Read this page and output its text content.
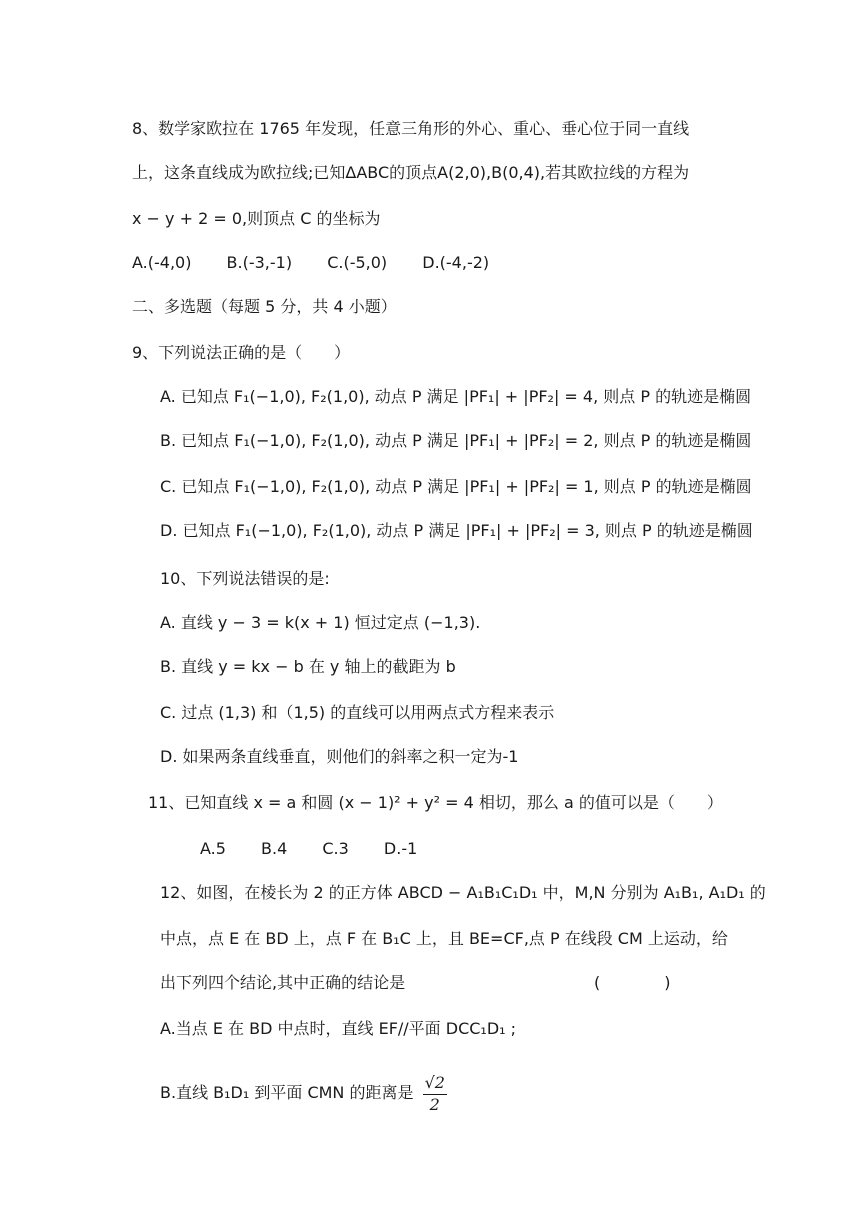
8、数学家欧拉在 1765 年发现，任意三角形的外心、重心、垂心位于同一直线
上，这条直线成为欧拉线;已知ΔABC的顶点A(2,0),B(0,4),若其欧拉线的方程为
x − y + 2 = 0,则顶点 C 的坐标为
A.(-4,0) B.(-3,-1) C.(-5,0) D.(-4,-2)
二、多选题（每题 5 分，共 4 小题）
9、下列说法正确的是（　　）
A. 已知点 F₁(−1,0), F₂(1,0), 动点 P 满足 |PF₁| + |PF₂| = 4, 则点 P 的轨迹是椭圆
B. 已知点 F₁(−1,0), F₂(1,0), 动点 P 满足 |PF₁| + |PF₂| = 2, 则点 P 的轨迹是椭圆
C. 已知点 F₁(−1,0), F₂(1,0), 动点 P 满足 |PF₁| + |PF₂| = 1, 则点 P 的轨迹是椭圆
D. 已知点 F₁(−1,0), F₂(1,0), 动点 P 满足 |PF₁| + |PF₂| = 3, 则点 P 的轨迹是椭圆
10、下列说法错误的是:
A. 直线 y − 3 = k(x + 1) 恒过定点 (−1,3).
B. 直线 y = kx − b 在 y 轴上的截距为 b
C. 过点 (1,3) 和（1,5) 的直线可以用两点式方程来表示
D. 如果两条直线垂直，则他们的斜率之积一定为-1
11、已知直线 x = a 和圆 (x − 1)² + y² = 4 相切，那么 a 的值可以是（　　）
A.5 B.4 C.3 D.-1
12、如图，在棱长为 2 的正方体 ABCD − A₁B₁C₁D₁ 中，M,N 分别为 A₁B₁, A₁D₁ 的
中点，点 E 在 BD 上，点 F 在 B₁C 上，且 BE=CF,点 P 在线段 CM 上运动，给
出下列四个结论,其中正确的结论是	(　　　　)
A.当点 E 在 BD 中点时，直线 EF//平面 DCC₁D₁ ;
B.直线 B₁D₁ 到平面 CMN 的距离是 $\frac{√2}{2}$
